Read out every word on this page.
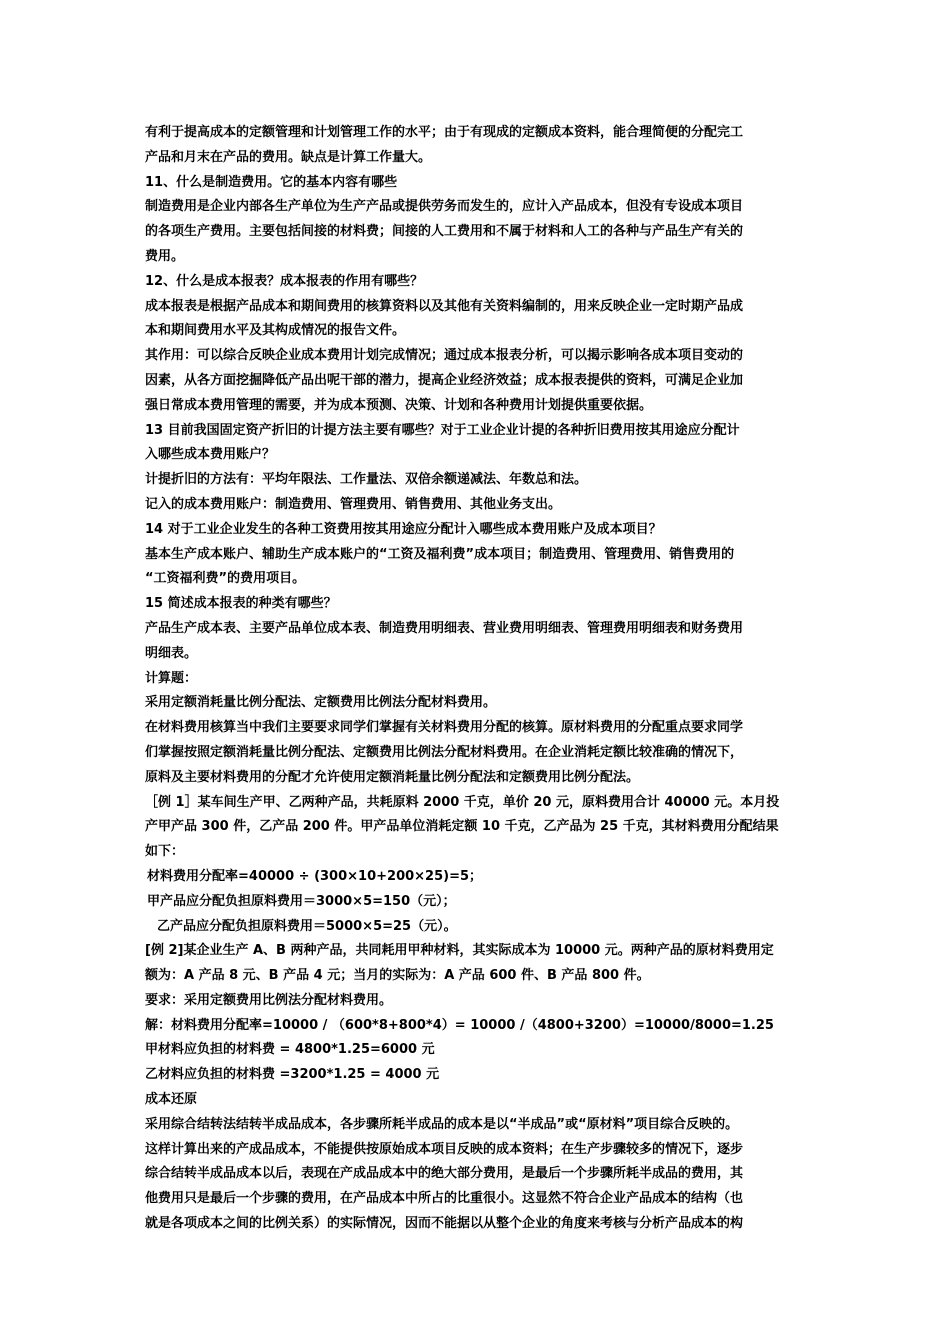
有利于提高成本的定额管理和计划管理工作的水平；由于有现成的定额成本资料，能合理简便的分配完工
产品和月末在产品的费用。缺点是计算工作量大。
11、什么是制造费用。它的基本内容有哪些
制造费用是企业内部各生产单位为生产产品或提供劳务而发生的，应计入产品成本，但没有专设成本项目
的各项生产费用。主要包括间接的材料费；间接的人工费用和不属于材料和人工的各种与产品生产有关的
费用。
12、什么是成本报表？成本报表的作用有哪些？
成本报表是根据产品成本和期间费用的核算资料以及其他有关资料编制的，用来反映企业一定时期产品成
本和期间费用水平及其构成情况的报告文件。
其作用：可以综合反映企业成本费用计划完成情况；通过成本报表分析，可以揭示影响各成本项目变动的
因素，从各方面挖掘降低产品出呢干部的潜力，提高企业经济效益；成本报表提供的资料，可满足企业加
强日常成本费用管理的需要，并为成本预测、决策、计划和各种费用计划提供重要依据。
13 目前我国固定资产折旧的计提方法主要有哪些？对于工业企业计提的各种折旧费用按其用途应分配计
入哪些成本费用账户？
计提折旧的方法有：平均年限法、工作量法、双倍余额递减法、年数总和法。
记入的成本费用账户：制造费用、管理费用、销售费用、其他业务支出。
14 对于工业企业发生的各种工资费用按其用途应分配计入哪些成本费用账户及成本项目？
基本生产成本账户、辅助生产成本账户的“工资及福利费”成本项目；制造费用、管理费用、销售费用的
“工资福利费”的费用项目。
15 简述成本报表的种类有哪些？
产品生产成本表、主要产品单位成本表、制造费用明细表、营业费用明细表、管理费用明细表和财务费用
明细表。
计算题：
采用定额消耗量比例分配法、定额费用比例法分配材料费用。
在材料费用核算当中我们主要要求同学们掌握有关材料费用分配的核算。原材料费用的分配重点要求同学
们掌握按照定额消耗量比例分配法、定额费用比例法分配材料费用。在企业消耗定额比较准确的情况下，
原料及主要材料费用的分配才允许使用定额消耗量比例分配法和定额费用比例分配法。
［例 1］某车间生产甲、乙两种产品，共耗原料 2000 千克，单价 20 元，原料费用合计 40000 元。本月投
产甲产品 300 件，乙产品 200 件。甲产品单位消耗定额 10 千克，乙产品为 25 千克，其材料费用分配结果
如下：
材料费用分配率=40000 ÷ (300×10+200×25)=5；
甲产品应分配负担原料费用＝3000×5=150（元）；
乙产品应分配负担原料费用＝5000×5=25（元）。
[例 2]某企业生产 A、B 两种产品，共同耗用甲种材料，其实际成本为 10000 元。两种产品的原材料费用定
额为：A 产品 8 元、B 产品 4 元；当月的实际为：A 产品 600 件、B 产品 800 件。
要求：采用定额费用比例法分配材料费用。
解：材料费用分配率=10000 / （600*8+800*4）= 10000 /（4800+3200）=10000/8000=1.25
甲材料应负担的材料费 = 4800*1.25=6000 元
乙材料应负担的材料费 =3200*1.25 = 4000 元
成本还原
采用综合结转法结转半成品成本，各步骤所耗半成品的成本是以“半成品”或“原材料”项目综合反映的。
这样计算出来的产成品成本，不能提供按原始成本项目反映的成本资料；在生产步骤较多的情况下，逐步
综合结转半成品成本以后，表现在产成品成本中的绝大部分费用，是最后一个步骤所耗半成品的费用，其
他费用只是最后一个步骤的费用，在产品成本中所占的比重很小。这显然不符合企业产品成本的结构（也
就是各项成本之间的比例关系）的实际情况，因而不能据以从整个企业的角度来考核与分析产品成本的构
